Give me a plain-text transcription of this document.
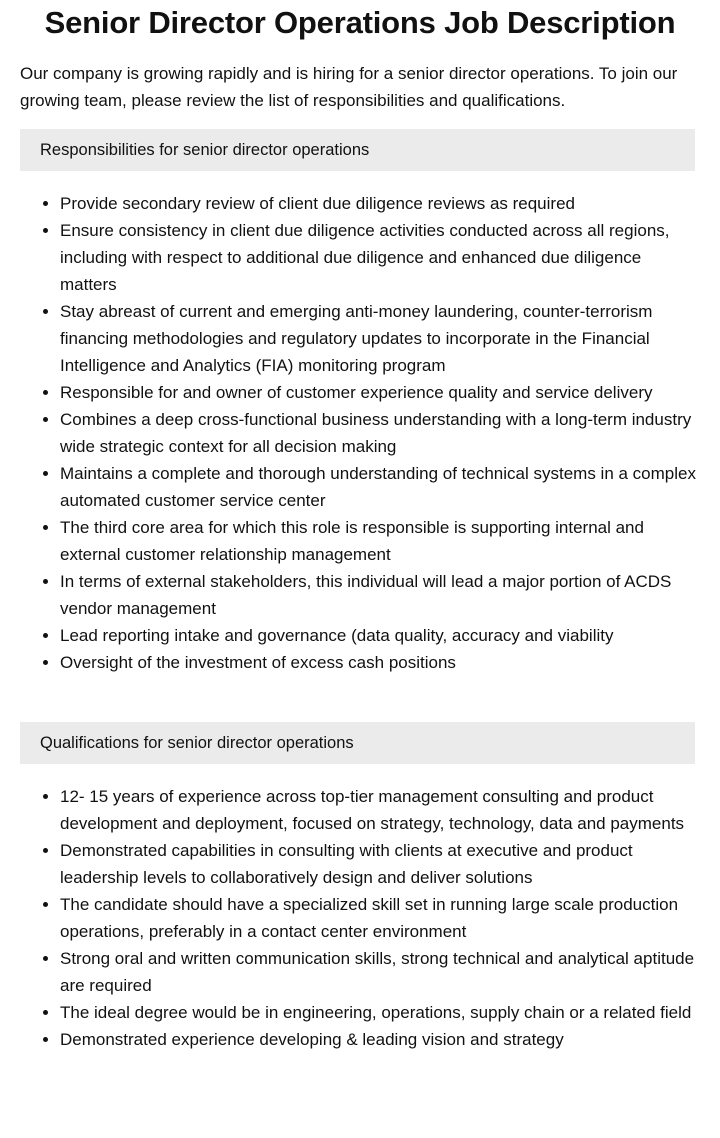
Senior Director Operations Job Description

Our company is growing rapidly and is hiring for a senior director operations. To join our growing team, please review the list of responsibilities and qualifications.

Responsibilities for senior director operations
• Provide secondary review of client due diligence reviews as required
• Ensure consistency in client due diligence activities conducted across all regions, including with respect to additional due diligence and enhanced due diligence matters
• Stay abreast of current and emerging anti-money laundering, counter-terrorism financing methodologies and regulatory updates to incorporate in the Financial Intelligence and Analytics (FIA) monitoring program
• Responsible for and owner of customer experience quality and service delivery
• Combines a deep cross-functional business understanding with a long-term industry wide strategic context for all decision making
• Maintains a complete and thorough understanding of technical systems in a complex automated customer service center
• The third core area for which this role is responsible is supporting internal and external customer relationship management
• In terms of external stakeholders, this individual will lead a major portion of ACDS vendor management
• Lead reporting intake and governance (data quality, accuracy and viability
• Oversight of the investment of excess cash positions
Qualifications for senior director operations
• 12- 15 years of experience across top-tier management consulting and product development and deployment, focused on strategy, technology, data and payments
• Demonstrated capabilities in consulting with clients at executive and product leadership levels to collaboratively design and deliver solutions
• The candidate should have a specialized skill set in running large scale production operations, preferably in a contact center environment
• Strong oral and written communication skills, strong technical and analytical aptitude are required
• The ideal degree would be in engineering, operations, supply chain or a related field
• Demonstrated experience developing & leading vision and strategy
